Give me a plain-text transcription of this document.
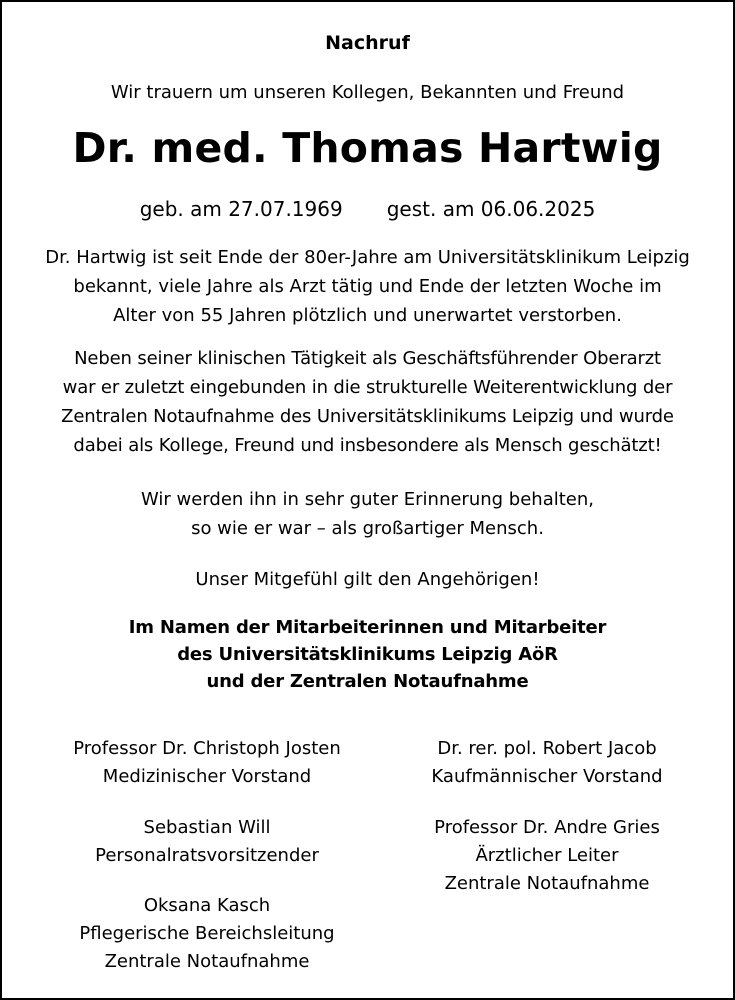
Nachruf
Wir trauern um unseren Kollegen, Bekannten und Freund
Dr. med. Thomas Hartwig
geb. am 27.07.1969 gest. am 06.06.2025
Dr. Hartwig ist seit Ende der 80er-Jahre am Universitätsklinikum Leipzig
bekannt, viele Jahre als Arzt tätig und Ende der letzten Woche im
Alter von 55 Jahren plötzlich und unerwartet verstorben.
Neben seiner klinischen Tätigkeit als Geschäftsführender Oberarzt
war er zuletzt eingebunden in die strukturelle Weiterentwicklung der
Zentralen Notaufnahme des Universitätsklinikums Leipzig und wurde
dabei als Kollege, Freund und insbesondere als Mensch geschätzt!
Wir werden ihn in sehr guter Erinnerung behalten,
so wie er war – als großartiger Mensch.
Unser Mitgefühl gilt den Angehörigen!
Im Namen der Mitarbeiterinnen und Mitarbeiter
des Universitätsklinikums Leipzig AöR
und der Zentralen Notaufnahme
Professor Dr. Christoph Josten
Medizinischer Vorstand
Dr. rer. pol. Robert Jacob
Kaufmännischer Vorstand
Sebastian Will
Personalratsvorsitzender
Professor Dr. Andre Gries
Ärztlicher Leiter
Zentrale Notaufnahme
Oksana Kasch
Pflegerische Bereichsleitung
Zentrale Notaufnahme
